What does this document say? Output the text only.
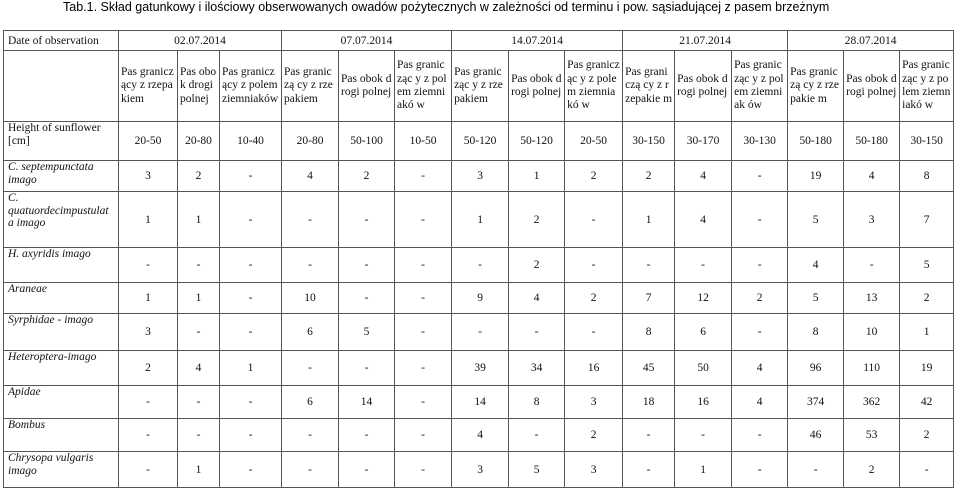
Tab.1. Skład gatunkowy i ilościowy obserwowanych owadów pożytecznych w zależności od terminu i pow. sąsiadującej z pasem brzeżnym
Date of observation	02.07.2014			07.07.2014			14.07.2014			21.07.2014			28.07.2014		
	Pas graniczący z rzepakiem	Pas obok drogi polnej	Pas graniczący z polem ziemniaków	Pas graniczą cy z rzepakiem	Pas obok drogi polnej	Pas granicząc y z polem ziemniakó w	Pas granicząc y z rzepakiem	Pas obok drogi polnej	Pas granicząc y z polem ziemniakó w	Pas graniczą cy z rzepakie m	Pas obok drogi polnej	Pas granicząc y z polem ziemniak ów	Pas graniczą cy z rzepakie m	Pas obok drogi polnej	Pas granicząc y z polem ziemniakó w
Height of sunflower [cm]	20-50	20-80	10-40	20-80	50-100	10-50	50-120	50-120	20-50	30-150	30-170	30-130	50-180	50-180	30-150
C. septempunctata imago	3	2	-	4	2	-	3	1	2	2	4	-	19	4	8
C. quatuordecimpustulat a imago	1	1	-	-	-	-	1	2	-	1	4	-	5	3	7
H. axyridis imago	-	-	-	-	-	-	-	2	-	-	-	-	4	-	5
Araneae	1	1	-	10	-	-	9	4	2	7	12	2	5	13	2
Syrphidae - imago	3	-	-	6	5	-	-	-	-	8	6	-	8	10	1
Heteroptera-imago	2	4	1	-	-	-	39	34	16	45	50	4	96	110	19
Apidae	-	-	-	6	14	-	14	8	3	18	16	4	374	362	42
Bombus	-	-	-	-	-	-	4	-	2	-	-	-	46	53	2
Chrysopa vulgaris imago	-	1	-	-	-	-	3	5	3	-	1	-	-	2	-
